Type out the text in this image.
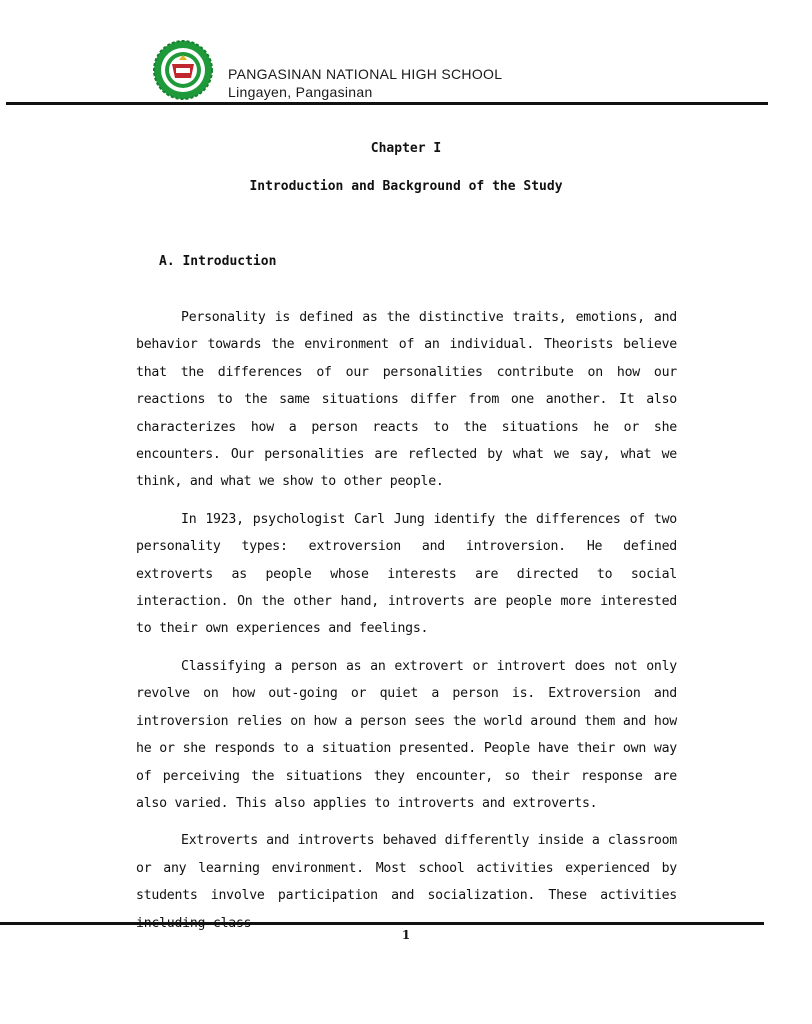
PANGASINAN NATIONAL HIGH SCHOOL
Lingayen, Pangasinan
Chapter I
Introduction and Background of the Study
A. Introduction

Personality is defined as the distinctive traits, emotions, and behavior towards the environment of an individual. Theorists believe that the differences of our personalities contribute on how our reactions to the same situations differ from one another. It also characterizes how a person reacts to the situations he or she encounters. Our personalities are reflected by what we say, what we think, and what we show to other people.

In 1923, psychologist Carl Jung identify the differences of two personality types: extroversion and introversion. He defined extroverts as people whose interests are directed to social interaction. On the other hand, introverts are people more interested to their own experiences and feelings.

Classifying a person as an extrovert or introvert does not only revolve on how out-going or quiet a person is. Extroversion and introversion relies on how a person sees the world around them and how he or she responds to a situation presented. People have their own way of perceiving the situations they encounter, so their response are also varied. This also applies to introverts and extroverts.

Extroverts and introverts behaved differently inside a classroom or any learning environment. Most school activities experienced by students involve participation and socialization. These activities

1
